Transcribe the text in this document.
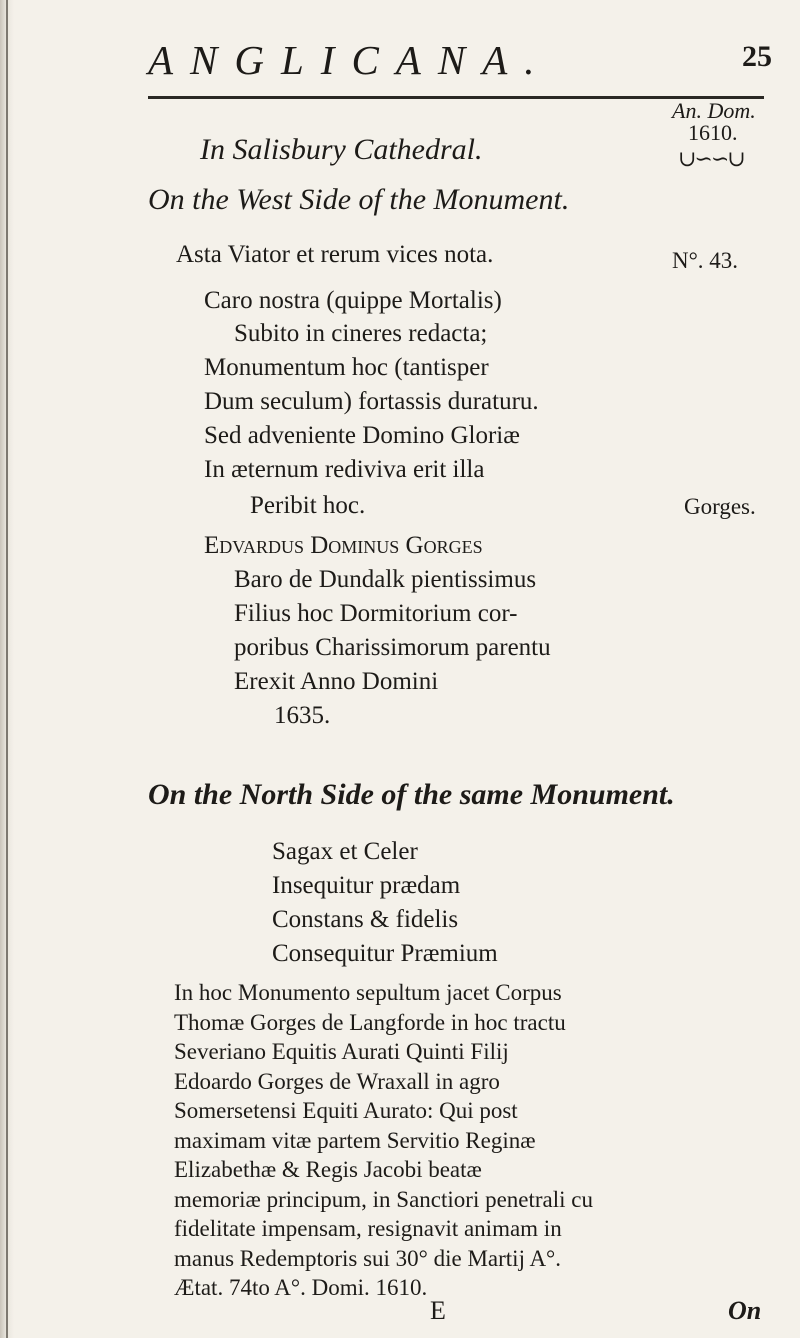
ANGLICANA.	25
An. Dom.
1610.
∪∽∽∪
N°. 43.
Gorges.
In Salisbury Cathedral.
On the West Side of the Monument.
Asta Viator et rerum vices nota.
Caro nostra (quippe Mortalis)
Subito in cineres redacta;
Monumentum hoc (tantisper
Dum seculum) fortassis duraturu.
Sed adveniente Domino Gloriæ
In æternum rediviva erit illa
Peribit hoc.
Edvardus Dominus Gorges
Baro de Dundalk pientissimus
Filius hoc Dormitorium cor-
poribus Charissimorum parentu
Erexit Anno Domini
1635.
On the North Side of the same Monument.
Sagax et Celer
Insequitur prædam
Constans & fidelis
Consequitur Præmium
In hoc Monumento sepultum jacet Corpus
Thomæ Gorges de Langforde in hoc tractu
Severiano Equitis Aurati Quinti Filij
Edoardo Gorges de Wraxall in agro
Somersetensi Equiti Aurato: Qui post
maximam vitæ partem Servitio Reginæ
Elizabethæ & Regis Jacobi beatæ
memoriæ principum, in Sanctiori penetrali cu
fidelitate impensam, resignavit animam in
E	On
manus Redemptoris sui 30° die Martij A°.
Ætat. 74to A°. Domi. 1610.
